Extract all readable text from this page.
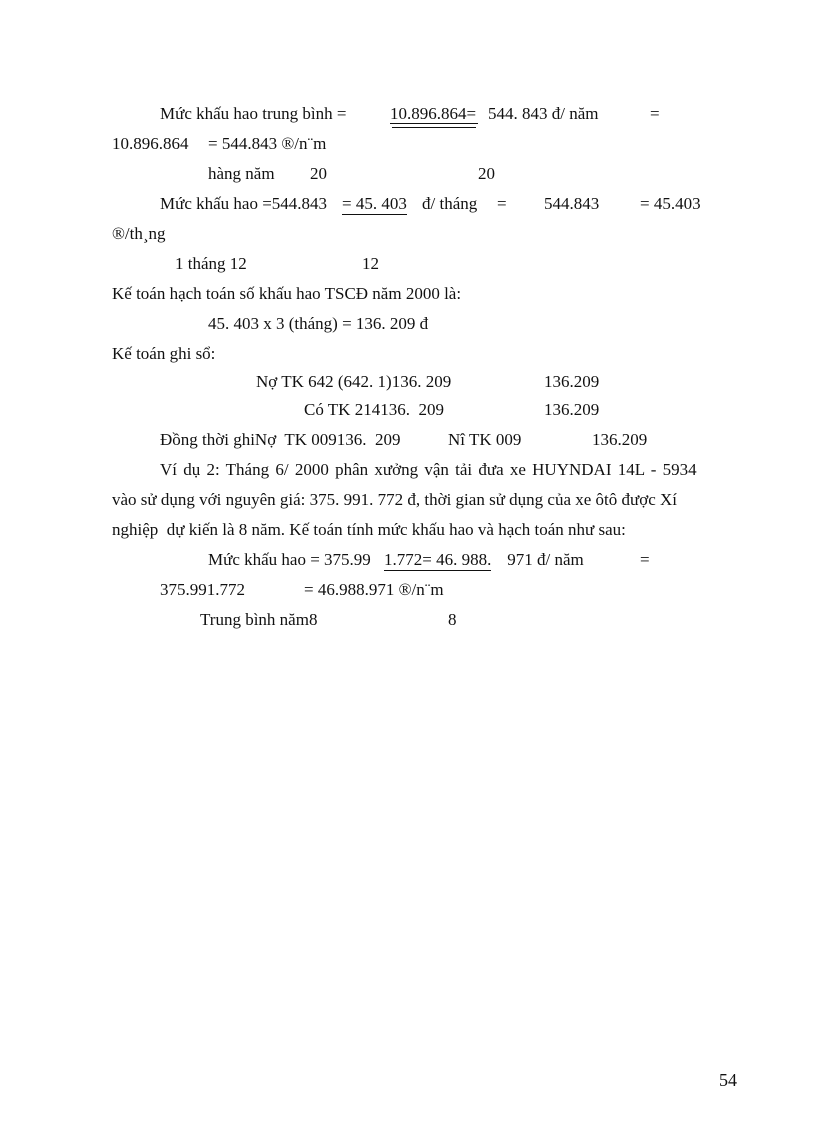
Mức khấu hao trung bình =	10.896.864= 544. 843 đ/ năm	=
10.896.864 = 544.843 ®/n¨m
hàng năm 20	20
Mức khấu hao =544.843 = 45. 403 đ/ tháng = 544.843 = 45.403
®/th¸ng
1 tháng 12	12
Kế toán hạch toán số khấu hao TSCĐ năm 2000 là:
45. 403 x 3 (tháng) = 136. 209 đ
Kế toán ghi sổ:
Nợ TK 642 (642. 1)136. 209	136.209
Có TK 214136.  209	136.209
Đồng thời ghiNợ  TK 009136.  209	Nî TK 009	136.209
Ví dụ 2: Tháng 6/ 2000 phân xưởng vận tải đưa xe HUYNDAI 14L - 5934
vào sử dụng với nguyên giá: 375. 991. 772 đ, thời gian sử dụng của xe ôtô được Xí
nghiệp  dự kiến là 8 năm. Kế toán tính mức khấu hao và hạch toán như sau:
Mức khấu hao = 375.99 1.772= 46. 988. 971 đ/ năm	=
375.991.772	= 46.988.971 ®/n¨m
Trung bình năm8	8
54
